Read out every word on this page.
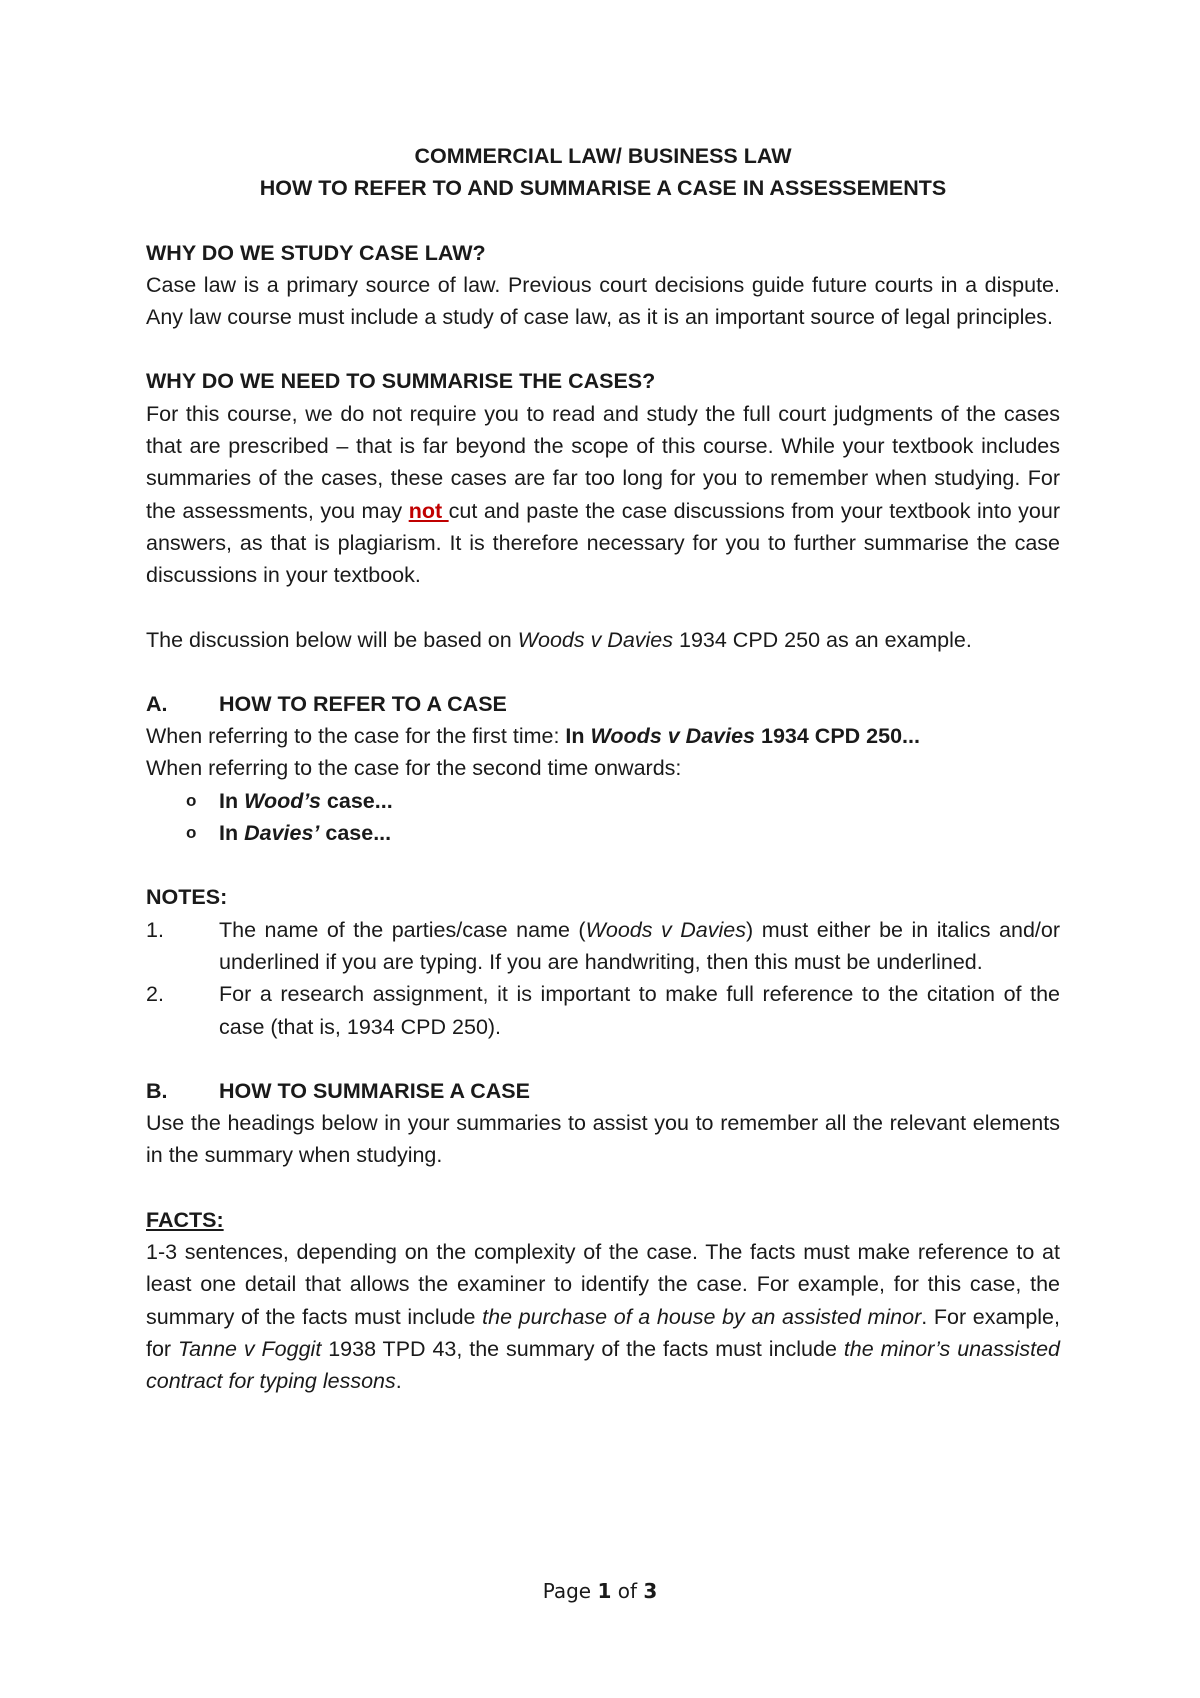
COMMERCIAL LAW/ BUSINESS LAW

HOW TO REFER TO AND SUMMARISE A CASE IN ASSESSEMENTS

WHY DO WE STUDY CASE LAW?

Case law is a primary source of law. Previous court decisions guide future courts in a dispute. Any law course must include a study of case law, as it is an important source of legal principles.

WHY DO WE NEED TO SUMMARISE THE CASES?

For this course, we do not require you to read and study the full court judgments of the cases that are prescribed – that is far beyond the scope of this course. While your textbook includes summaries of the cases, these cases are far too long for you to remember when studying. For the assessments, you may not cut and paste the case discussions from your textbook into your answers, as that is plagiarism. It is therefore necessary for you to further summarise the case discussions in your textbook.

The discussion below will be based on Woods v Davies 1934 CPD 250 as an example.

A.	HOW TO REFER TO A CASE

When referring to the case for the first time: In Woods v Davies 1934 CPD 250...

When referring to the case for the second time onwards:

o	In Wood’s case...
o	In Davies’ case...

NOTES:

1.	The name of the parties/case name (Woods v Davies) must either be in italics and/or underlined if you are typing. If you are handwriting, then this must be underlined.
2.	For a research assignment, it is important to make full reference to the citation of the case (that is, 1934 CPD 250).
B.	HOW TO SUMMARISE A CASE

Use the headings below in your summaries to assist you to remember all the relevant elements in the summary when studying.

FACTS:

1-3 sentences, depending on the complexity of the case. The facts must make reference to at least one detail that allows the examiner to identify the case. For example, for this case, the summary of the facts must include the purchase of a house by an assisted minor. For example, for Tanne v Foggit 1938 TPD 43, the summary of the facts must include the minor’s unassisted contract for typing lessons.

Page 1 of 3
